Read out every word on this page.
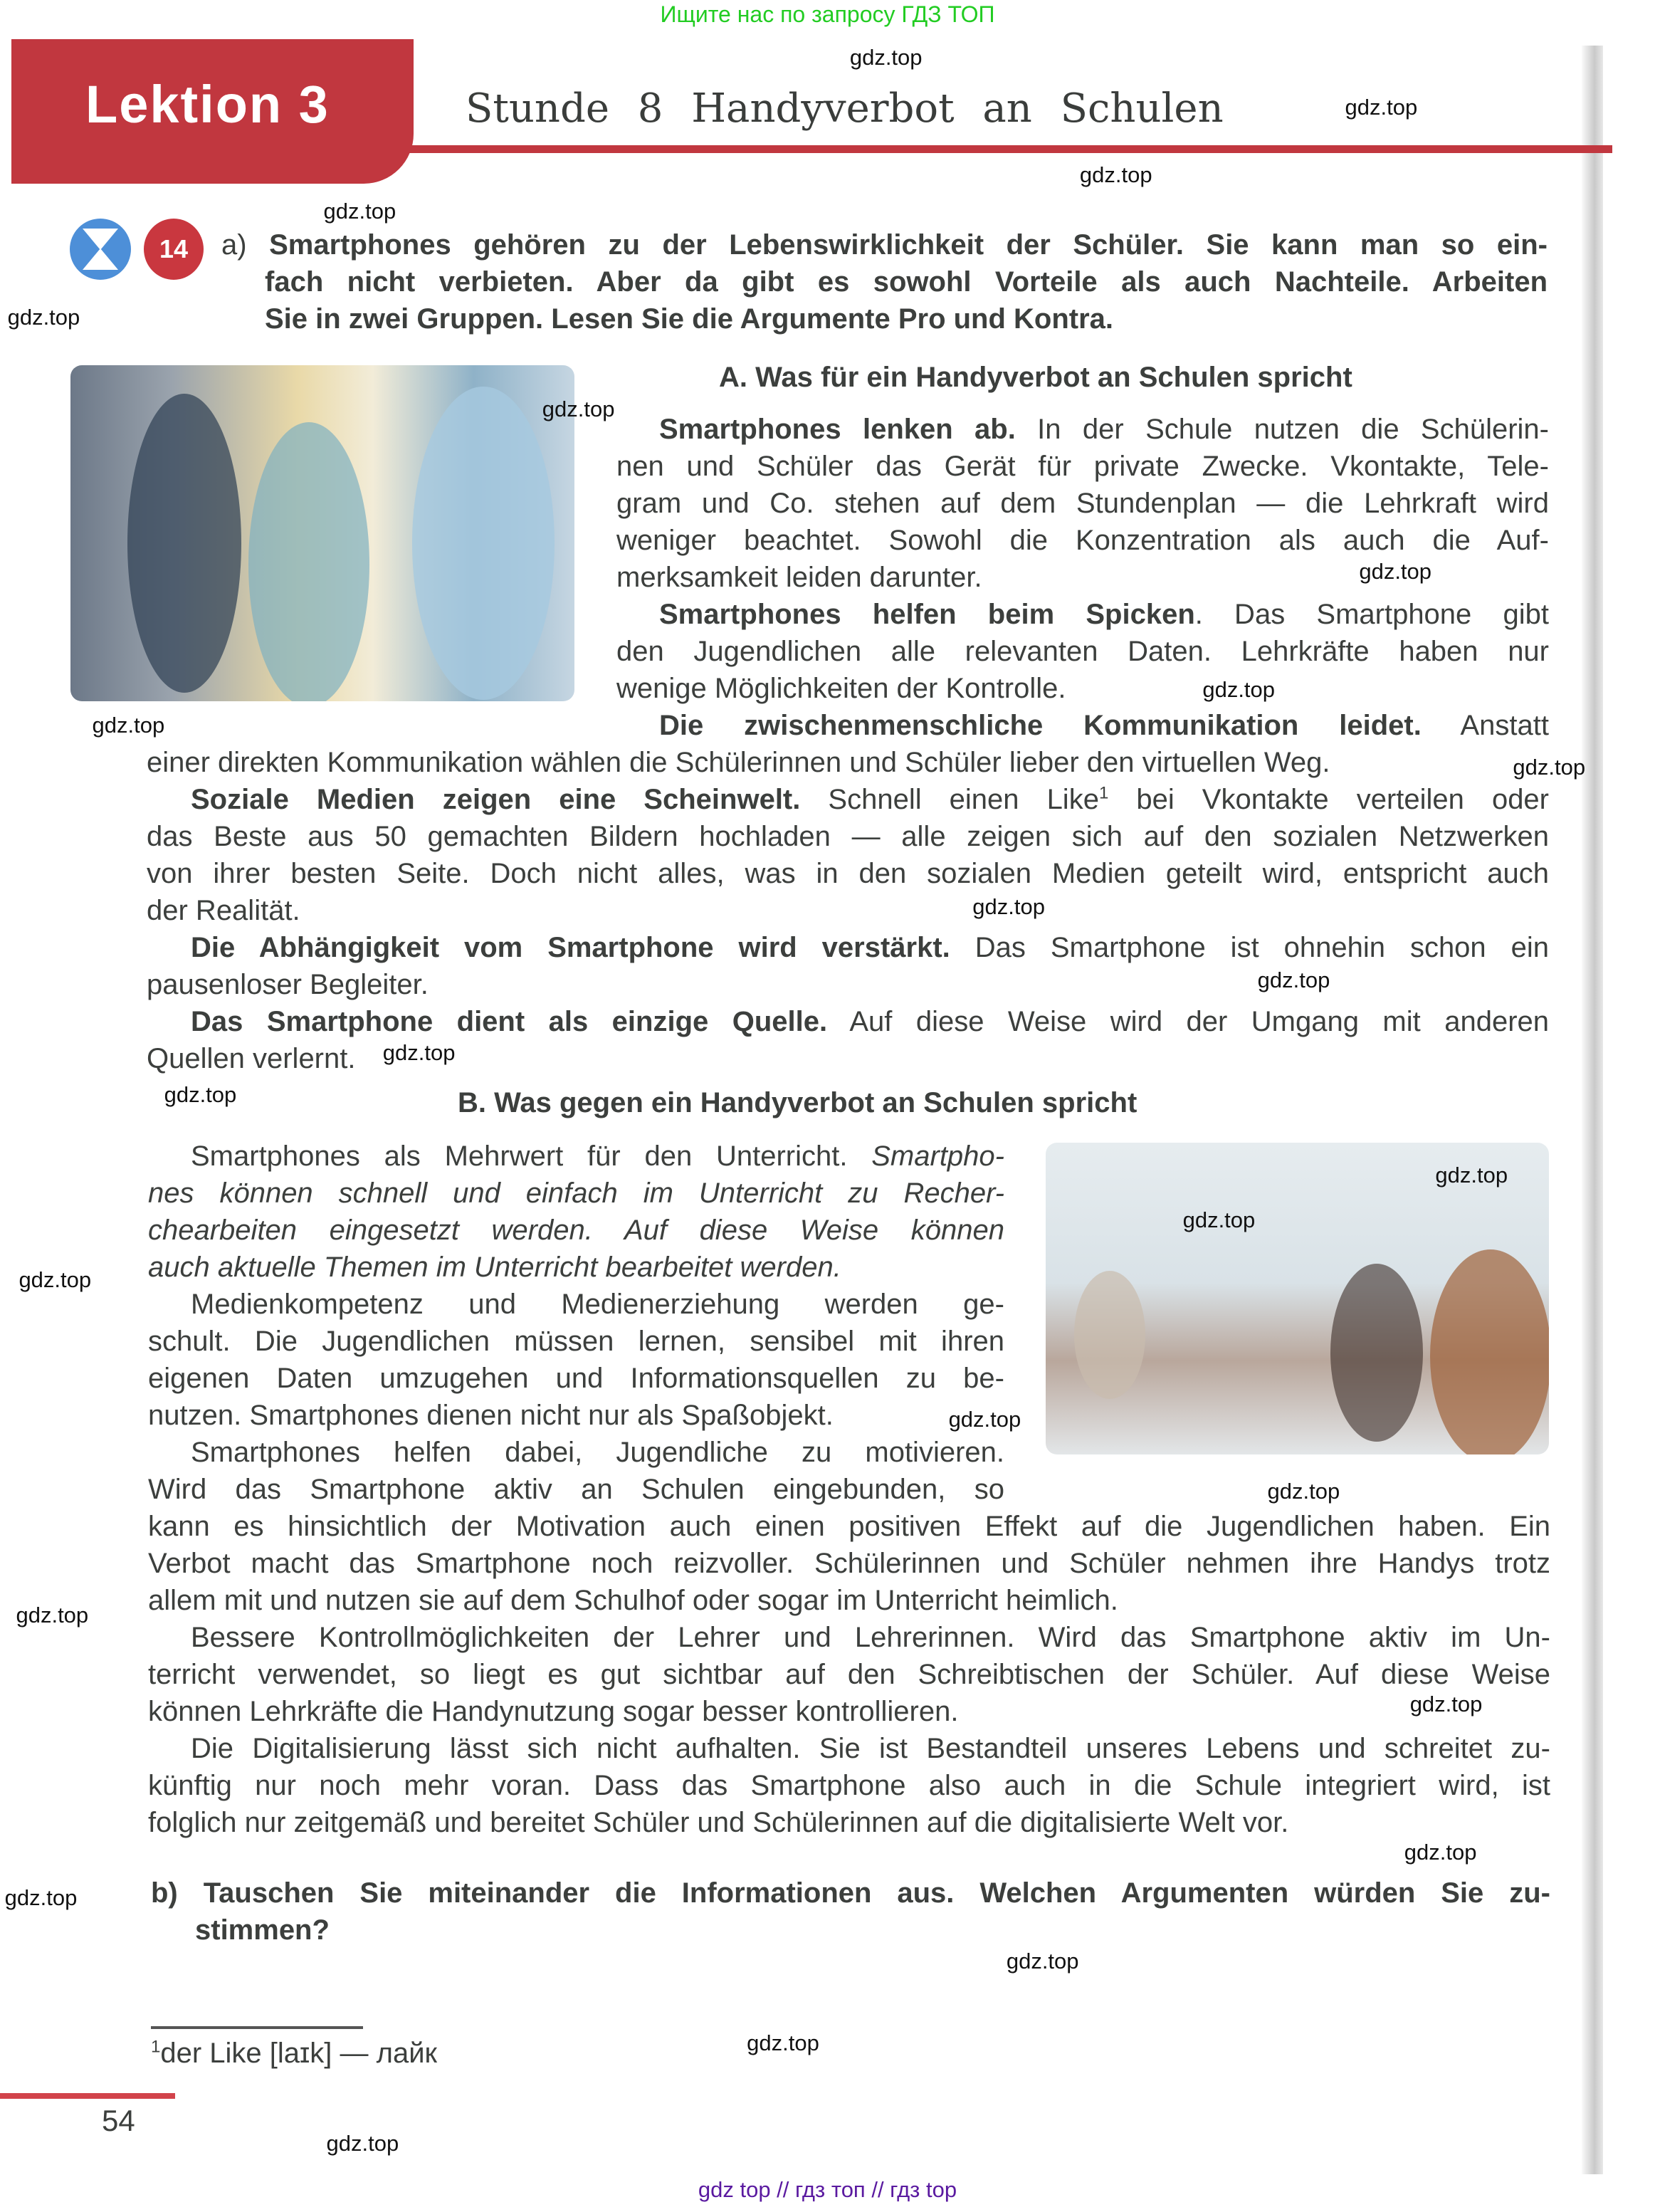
Ищите нас по запросу ГДЗ ТОП
Lektion 3	Stunde 8 Handyverbot an Schulen
14
A. Was für ein Handyverbot an Schulen spricht
B. Was gegen ein Handyverbot an Schulen spricht
a) Smartphones gehören zu der Lebenswirklichkeit der Schüler. Sie kann man so ein-
fach nicht verbieten. Aber da gibt es sowohl Vorteile als auch Nachteile. Arbeiten
Sie in zwei Gruppen. Lesen Sie die Argumente Pro und Kontra.
Smartphones lenken ab. In der Schule nutzen die Schülerin-
nen und Schüler das Gerät für private Zwecke. Vkontakte, Tele-
gram und Co. stehen auf dem Stundenplan — die Lehrkraft wird
weniger beachtet. Sowohl die Konzentration als auch die Auf-
merksamkeit leiden darunter.
Smartphones helfen beim Spicken. Das Smartphone gibt
den Jugendlichen alle relevanten Daten. Lehrkräfte haben nur
wenige Möglichkeiten der Kontrolle.
Die zwischenmenschliche Kommunikation leidet. Anstatt
einer direkten Kommunikation wählen die Schülerinnen und Schüler lieber den virtuellen Weg.
Soziale Medien zeigen eine Scheinwelt. Schnell einen Like$^1$ bei Vkontakte verteilen oder
das Beste aus 50 gemachten Bildern hochladen — alle zeigen sich auf den sozialen Netzwerken
von ihrer besten Seite. Doch nicht alles, was in den sozialen Medien geteilt wird, entspricht auch
der Realität.
Die Abhängigkeit vom Smartphone wird verstärkt. Das Smartphone ist ohnehin schon ein
pausenloser Begleiter.
Das Smartphone dient als einzige Quelle. Auf diese Weise wird der Umgang mit anderen
Quellen verlernt.
Smartphones als Mehrwert für den Unterricht. Smartpho-
nes können schnell und einfach im Unterricht zu Recher-
chearbeiten eingesetzt werden. Auf diese Weise können
auch aktuelle Themen im Unterricht bearbeitet werden.
Medienkompetenz und Medienerziehung werden ge-
schult. Die Jugendlichen müssen lernen, sensibel mit ihren
eigenen Daten umzugehen und Informationsquellen zu be-
nutzen. Smartphones dienen nicht nur als Spaßobjekt.
Smartphones helfen dabei, Jugendliche zu motivieren.
Wird das Smartphone aktiv an Schulen eingebunden, so
kann es hinsichtlich der Motivation auch einen positiven Effekt auf die Jugendlichen haben. Ein
Verbot macht das Smartphone noch reizvoller. Schülerinnen und Schüler nehmen ihre Handys trotz
allem mit und nutzen sie auf dem Schulhof oder sogar im Unterricht heimlich.
Bessere Kontrollmöglichkeiten der Lehrer und Lehrerinnen. Wird das Smartphone aktiv im Un-
terricht verwendet, so liegt es gut sichtbar auf den Schreibtischen der Schüler. Auf diese Weise
können Lehrkräfte die Handynutzung sogar besser kontrollieren.
Die Digitalisierung lässt sich nicht aufhalten. Sie ist Bestandteil unseres Lebens und schreitet zu-
künftig nur noch mehr voran. Dass das Smartphone also auch in die Schule integriert wird, ist
folglich nur zeitgemäß und bereitet Schüler und Schülerinnen auf die digitalisierte Welt vor.
b) Tauschen Sie miteinander die Informationen aus. Welchen Argumenten würden Sie zu-
stimmen?
$^1$der Like [laɪk] — лайк
54
gdz top // гдз топ // гдз top
gdz.top
gdz.top
gdz.top
gdz.top
gdz.top
gdz.top
gdz.top
gdz.top
gdz.top
gdz.top
gdz.top
gdz.top
gdz.top
gdz.top
gdz.top
gdz.top
gdz.top
gdz.top
gdz.top
gdz.top
gdz.top
gdz.top
gdz.top
gdz.top
gdz.top
gdz.top
